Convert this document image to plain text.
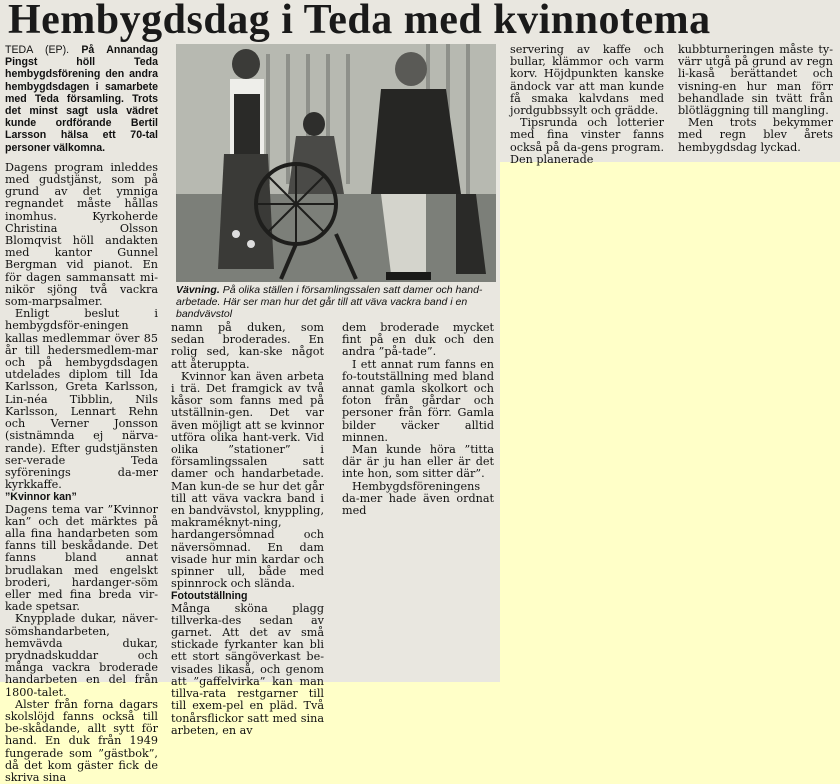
Hembygdsdag i Teda med kvinnotema

TEDA (EP). På Annandag Pingst höll Teda hembygdsförening den andra hembygdsdagen i samarbete med Teda församling. Trots det minst sagt usla vädret kunde ordförande Bertil Larsson hälsa ett 70-tal personer välkomna.

Dagens program inleddes med gudstjänst, som på grund av det ymniga regnandet måste hållas inomhus. Kyrkoherde Christina Olsson Blomqvist höll andakten med kantor Gunnel Bergman vid pianot. En för dagen sammansatt mi-nikör sjöng två vackra som-marpsalmer.

Enligt beslut i hembygdsför-eningen kallas medlemmar över 85 år till hedersmedlem-mar och på hembygdsdagen utdelades diplom till Ida Karlsson, Greta Karlsson, Lin-néa Tibblin, Nils Karlsson, Lennart Rehn och Verner Jonsson (sistnämnda ej närva-rande). Efter gudstjänsten ser-verade Teda syförenings da-mer kyrkkaffe.

”Kvinnor kan”

Dagens tema var ”Kvinnor kan” och det märktes på alla fina handarbeten som fanns till beskådande. Det fanns bland annat brudlakan med engelskt broderi, hardanger-söm eller med fina breda vir-kade spetsar.

Knypplade dukar, näver-sömshandarbeten, hemvävda dukar, prydnadskuddar och många vackra broderade handarbeten en del från 1800-talet.

Alster från forna dagars skolslöjd fanns också till be-skådande, allt sytt för hand. En duk från 1949 fungerade som ”gästbok”, då det kom gäster fick de skriva sina

Vävning. På olika ställen i församlingssalen satt damer och hand-arbetade. Här ser man hur det går till att väva vackra band i en bandvävstol

namn på duken, som sedan broderades. En rolig sed, kan-ske något att återuppta.

Kvinnor kan även arbeta i trä. Det framgick av två kåsor som fanns med på utställnin-gen. Det var även möjligt att se kvinnor utföra olika hant-verk. Vid olika ”stationer” i församlingssalen satt damer och handarbetade. Man kun-de se hur det går till att väva vackra band i en bandvävstol, knyppling, makraméknyt-ning, hardangersömnad och näversömnad. En dam visade hur min kardar och spinner ull, både med spinnrock och slända.

Fotoutställning

Många sköna plagg tillverka-des sedan av garnet. Att det av små stickade fyrkanter kan bli ett stort sängöverkast be-visades likaså, och genom att ”gaffelvirka” kan man tillva-rata restgarner till till exem-pel en pläd. Två tonårsflickor satt med sina arbeten, en av

dem broderade mycket fint på en duk och den andra ”på-tade”.

I ett annat rum fanns en fo-toutställning med bland annat gamla skolkort och foton från gårdar och personer från förr. Gamla bilder väcker alltid minnen.

Man kunde höra ”titta där är ju han eller är det inte hon, som sitter där”.

Hembygdsföreningens da-mer hade även ordnat med

servering av kaffe och bullar, klämmor och varm korv. Höjdpunkten kanske ändock var att man kunde få smaka kalvdans med jordgubbssylt och grädde.

Tipsrunda och lotterier med fina vinster fanns också på da-gens program. Den planerade

kubbturneringen måste ty-värr utgå på grund av regn li-kaså berättandet och visning-en hur man förr behandlade sin tvätt från blötläggning till mangling.

Men trots bekymmer med regn blev årets hembygdsdag lyckad.
